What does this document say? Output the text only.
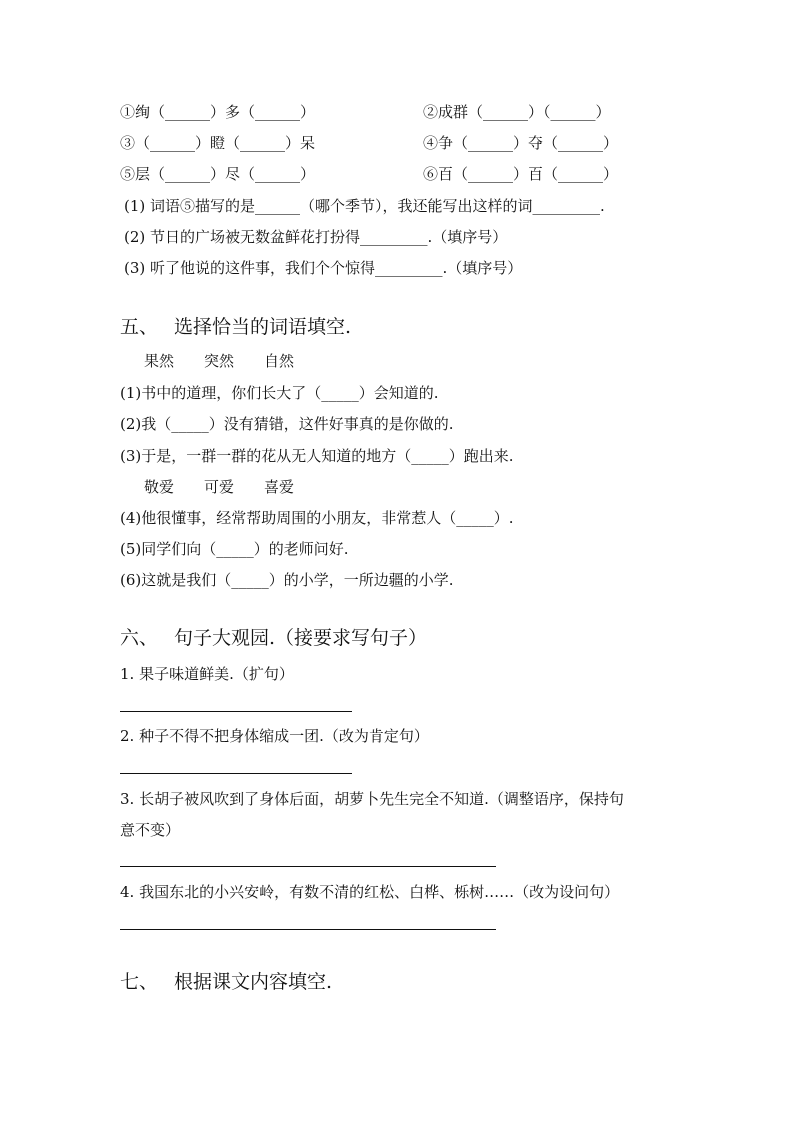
①绚（______）多（______）	②成群（______）（______）
③（______）瞪（______）呆	④争（______）夺（______）
⑤层（______）尽（______）	⑥百（______）百（______）
(1) 词语⑤描写的是______（哪个季节），我还能写出这样的词_________.
(2) 节日的广场被无数盆鲜花打扮得_________.（填序号）
(3) 听了他说的这件事，我们个个惊得_________.（填序号）
五、 选择恰当的词语填空.
果然 突然 自然
(1)书中的道理，你们长大了（_____）会知道的.
(2)我（_____）没有猜错，这件好事真的是你做的.
(3)于是，一群一群的花从无人知道的地方（_____）跑出来.
敬爱 可爱 喜爱
(4)他很懂事，经常帮助周围的小朋友，非常惹人（_____）.
(5)同学们向（_____）的老师问好.
(6)这就是我们（_____）的小学，一所边疆的小学.
六、 句子大观园.（接要求写句子）
1. 果子味道鲜美.（扩句）
2. 种子不得不把身体缩成一团.（改为肯定句）
3. 长胡子被风吹到了身体后面，胡萝卜先生完全不知道.（调整语序，保持句
意不变）
4. 我国东北的小兴安岭，有数不清的红松、白桦、栎树……（改为设问句）
七、 根据课文内容填空.
